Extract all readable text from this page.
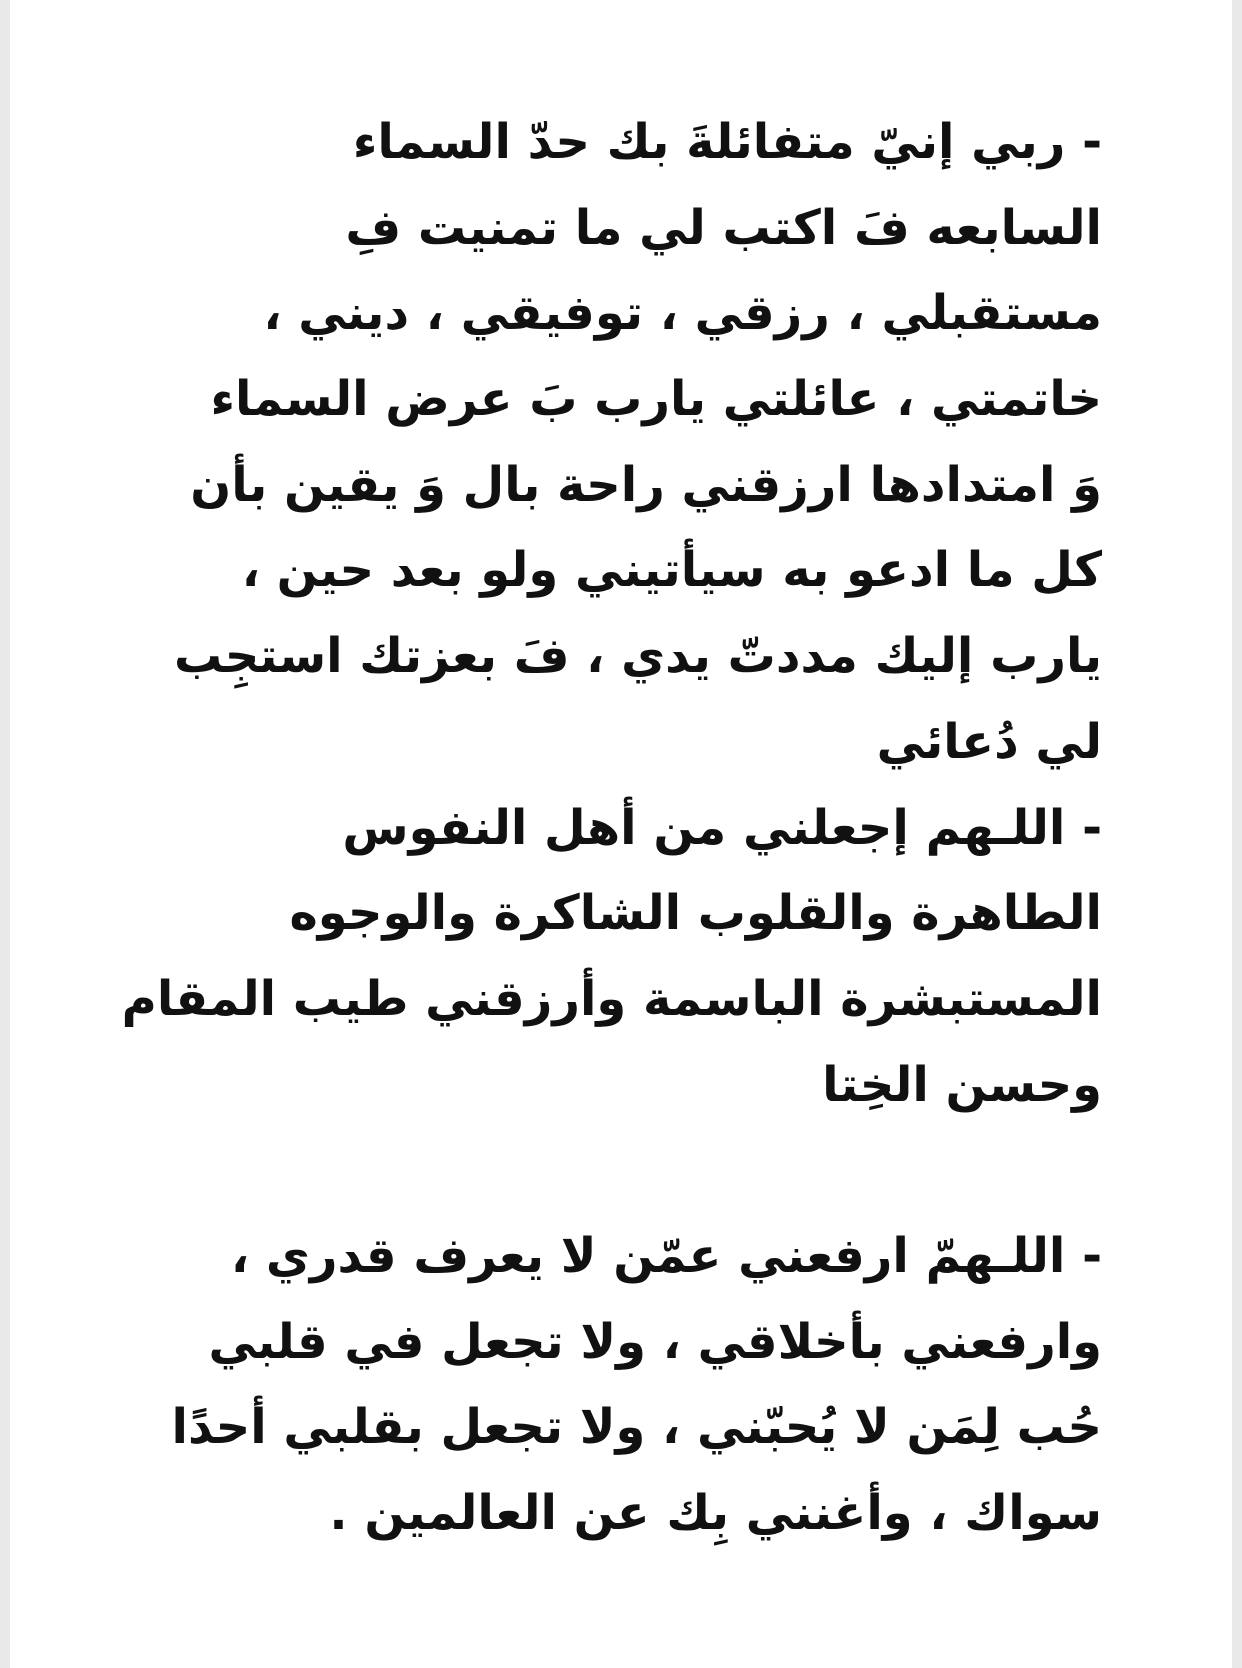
- ربي إنيّ متفائلةَ بك حدّ السماء
السابعه فَ اكتب لي ما تمنيت فِ
مستقبلي ، رزقي ، توفيقي ، ديني ،
خاتمتي ، عائلتي يارب بَ عرض السماء
وَ امتدادها ارزقني راحة بال وَ يقين بأن
كل ما ادعو به سيأتيني ولو بعد حين ،
يارب إليك مددتّ يدي ، فَ بعزتك استجِب
لي دُعائي
- اللـهم إجعلني من أهل النفوس
الطاهرة والقلوب الشاكرة والوجوه
المستبشرة الباسمة وأرزقني طيب المقام
وحسن الخِتا
- اللـهمّ ارفعني عمّن لا يعرف قدري ،
وارفعني بأخلاقي ، ولا تجعل في قلبي
حُب لِمَن لا يُحبّني ، ولا تجعل بقلبي أحدًا
سواك ، وأغنني بِك عن العالمين .
